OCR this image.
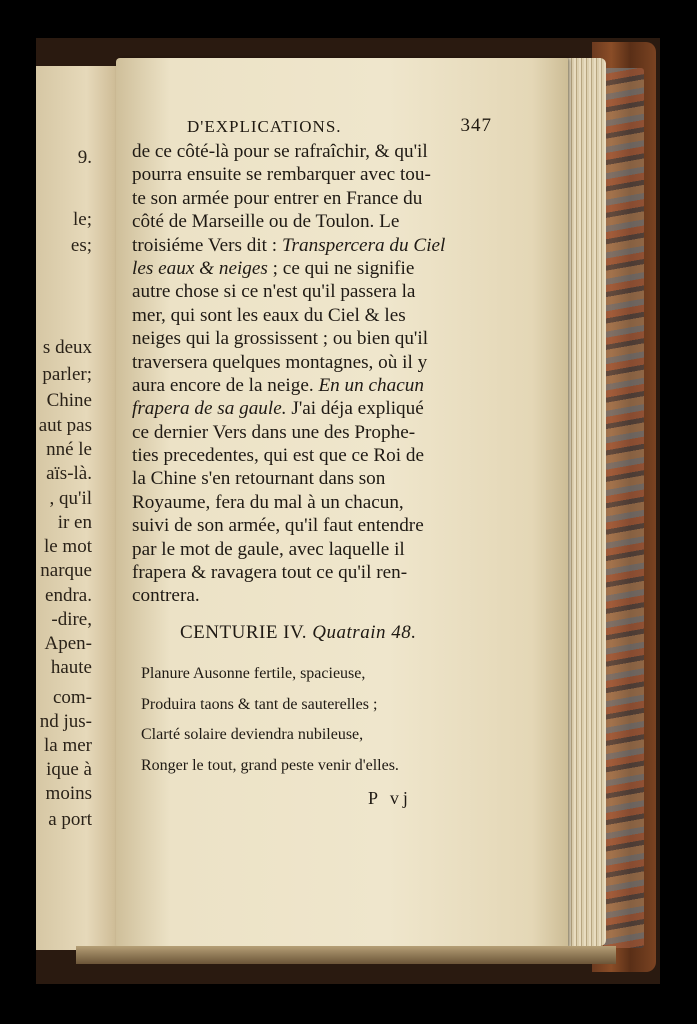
9.
le;
es;
s deux
parler;
Chine
aut pas
nné le
aïs-là.
, qu'il
ir en
le mot
narque
endra.
-dire,
Apen-
haute
com-
nd jus-
la mer
ique à
moins
a port
D'EXPLICATIONS.	347
de ce côté-là pour se rafraîchir, & qu'il
pourra ensuite se rembarquer avec tou-
te son armée pour entrer en France du
côté de Marseille ou de Toulon. Le
troisiéme Vers dit : Transpercera du Ciel
les eaux & neiges ; ce qui ne signifie
autre chose si ce n'est qu'il passera la
mer, qui sont les eaux du Ciel & les
neiges qui la grossissent ; ou bien qu'il
traversera quelques montagnes, où il y
aura encore de la neige. En un chacun
frapera de sa gaule. J'ai déja expliqué
ce dernier Vers dans une des Prophe-
ties precedentes, qui est que ce Roi de
la Chine s'en retournant dans son
Royaume, fera du mal à un chacun,
suivi de son armée, qu'il faut entendre
par le mot de gaule, avec laquelle il
frapera & ravagera tout ce qu'il ren-
contrera.
CENTURIE IV. Quatrain 48.
Planure Ausonne fertile, spacieuse,
Produira taons & tant de sauterelles ;
Clarté solaire deviendra nubileuse,
Ronger le tout, grand peste venir d'elles.
P vj
